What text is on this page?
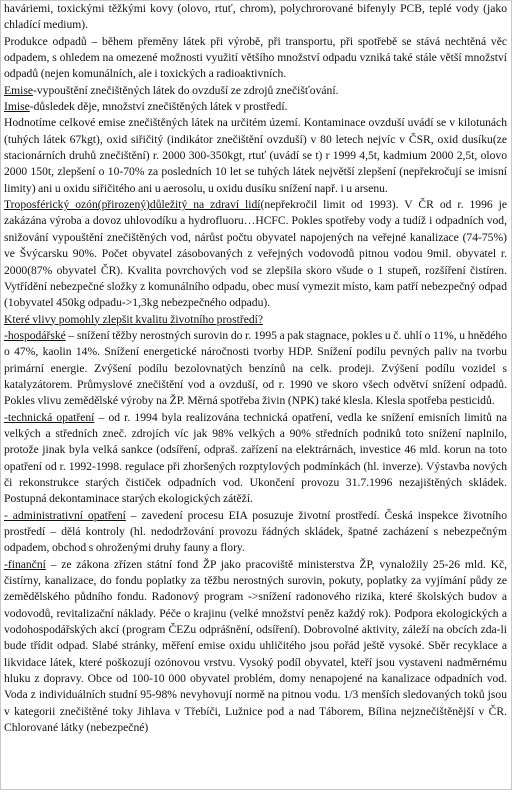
haváriemi, toxickými těžkými kovy (olovo, rtuť, chrom), polychrorované bifenyly PCB, teplé vody (jako chladící medium).

Produkce odpadů – během přeměny látek při výrobě, při transportu, při spotřebě se stává nechtěná věc odpadem, s ohledem na omezené možnosti využití většího množství odpadu vzniká také stále větší množství odpadů (nejen komunálních, ale i toxických a radioaktivních.

Emise-vypouštění znečištěných látek do ovzduší ze zdrojů znečišťování.

Imise-důsledek děje, množství znečištěných látek v prostředí.

Hodnotíme celkové emise znečištěných látek na určitém území. Kontaminace ovzduší uvádí se v kilotunách (tuhých látek 67kgt), oxid siřičitý (indikátor znečištění ovzduší) v 80 letech nejvíc v ČSR, oxid dusíku(ze stacionárních druhů znečištění) r. 2000 300-350kgt, rtuť (uvádí se t) r 1999 4,5t, kadmium 2000 2,5t, olovo 2000 150t, zlepšení o 10-70% za posledních 10 let se tuhých látek největší zlepšení (nepřekročují se imisní limity) ani u oxidu siřičitého ani u aerosolu, u oxidu dusíku snížení např. i u arsenu.

Troposférický ozón(přirozený)důležitý na zdraví lidí(nepřekročil limit od 1993). V ČR od r. 1996 je zakázána výroba a dovoz uhlovodíku a hydrofluoru…HCFC. Pokles spotřeby vody a tudíž i odpadních vod, snižování vypouštění znečištěných vod, nárůst počtu obyvatel napojených na veřejné kanalizace (74-75%) ve Švýcarsku 90%. Počet obyvatel zásobovaných z veřejných vodovodů pitnou vodou 9mil. obyvatel r. 2000(87% obyvatel ČR). Kvalita povrchových vod se zlepšila skoro všude o 1 stupeň, rozšíření čistíren. Vytřídění nebezpečné složky z komunálního odpadu, obec musí vymezit místo, kam patří nebezpečný odpad (1obyvatel 450kg odpadu->1,3kg nebezpečného odpadu).

Které vlivy pomohly zlepšit kvalitu životního prostředí?

-hospodářské – snížení těžby nerostných surovin do r. 1995 a pak stagnace, pokles u č. uhlí o 11%, u hnědého o 47%, kaolin 14%. Snížení energetické náročnosti tvorby HDP. Snížení podílu pevných paliv na tvorbu primární energie. Zvýšení podílu bezolovnatých benzínů na celk. prodeji. Zvýšení podílu vozidel s katalyzátorem. Průmyslové znečištění vod a ovzduší, od r. 1990 ve skoro všech odvětví snížení odpadů. Pokles vlivu zemědělské výroby na ŽP. Měrná spotřeba živin (NPK) také klesla. Klesla spotřeba pesticidů.

-technická opatření – od r. 1994 byla realizována technická opatření, vedla ke snížení emisních limitů na velkých a středních zneč. zdrojích víc jak 98% velkých a 90% středních podniků toto snížení naplnilo, protože jinak byla velká sankce (odsíření, odpraš. zařízení na elektrárnách, investice 46 mld. korun na toto opatření od r. 1992-1998. regulace při zhoršených rozptylových podmínkách (hl. inverze). Výstavba nových či rekonstrukce starých čističek odpadních vod. Ukončení provozu 31.7.1996 nezajištěných skládek. Postupná dekontaminace starých ekologických zátěží.

- administrativní opatření – zavedení procesu EIA posuzuje životní prostředí. Česká inspekce životního prostředí – dělá kontroly (hl. nedodržování provozu řádných skládek, špatné zacházení s nebezpečným odpadem, obchod s ohroženými druhy fauny a flory.

-finanční – ze zákona zřízen státní fond ŽP jako pracoviště ministerstva ŽP, vynaložily 25-26 mld. Kč, čistírny, kanalizace, do fondu poplatky za těžbu nerostných surovin, pokuty, poplatky za vyjímání půdy ze zemědělského půdního fondu. Radonový program ->snížení radonového rizika, které školských budov a vodovodů, revitalizační náklady. Péče o krajinu (velké množství peněz každý rok). Podpora ekologických a vodohospodářských akcí (program ČEZu odprášnění, odsíření). Dobrovolné aktivity, záleží na obcích zda-li bude třídit odpad. Slabé stránky, měření emise oxidu uhličitého jsou pořád ještě vysoké. Sběr recyklace a likvidace látek, které poškozují ozónovou vrstvu. Vysoký podíl obyvatel, kteří jsou vystaveni nadměrnému hluku z dopravy. Obce od 100-10 000 obyvatel problém, domy nenapojené na kanalizace odpadních vod. Voda z individuálních studní 95-98% nevyhovují normě na pitnou vodu. 1/3 menších sledovaných toků jsou v kategorii znečištěné toky Jihlava v Třebíči, Lužnice pod a nad Táborem, Bílina nejznečištěnější v ČR. Chlorované látky (nebezpečné)
